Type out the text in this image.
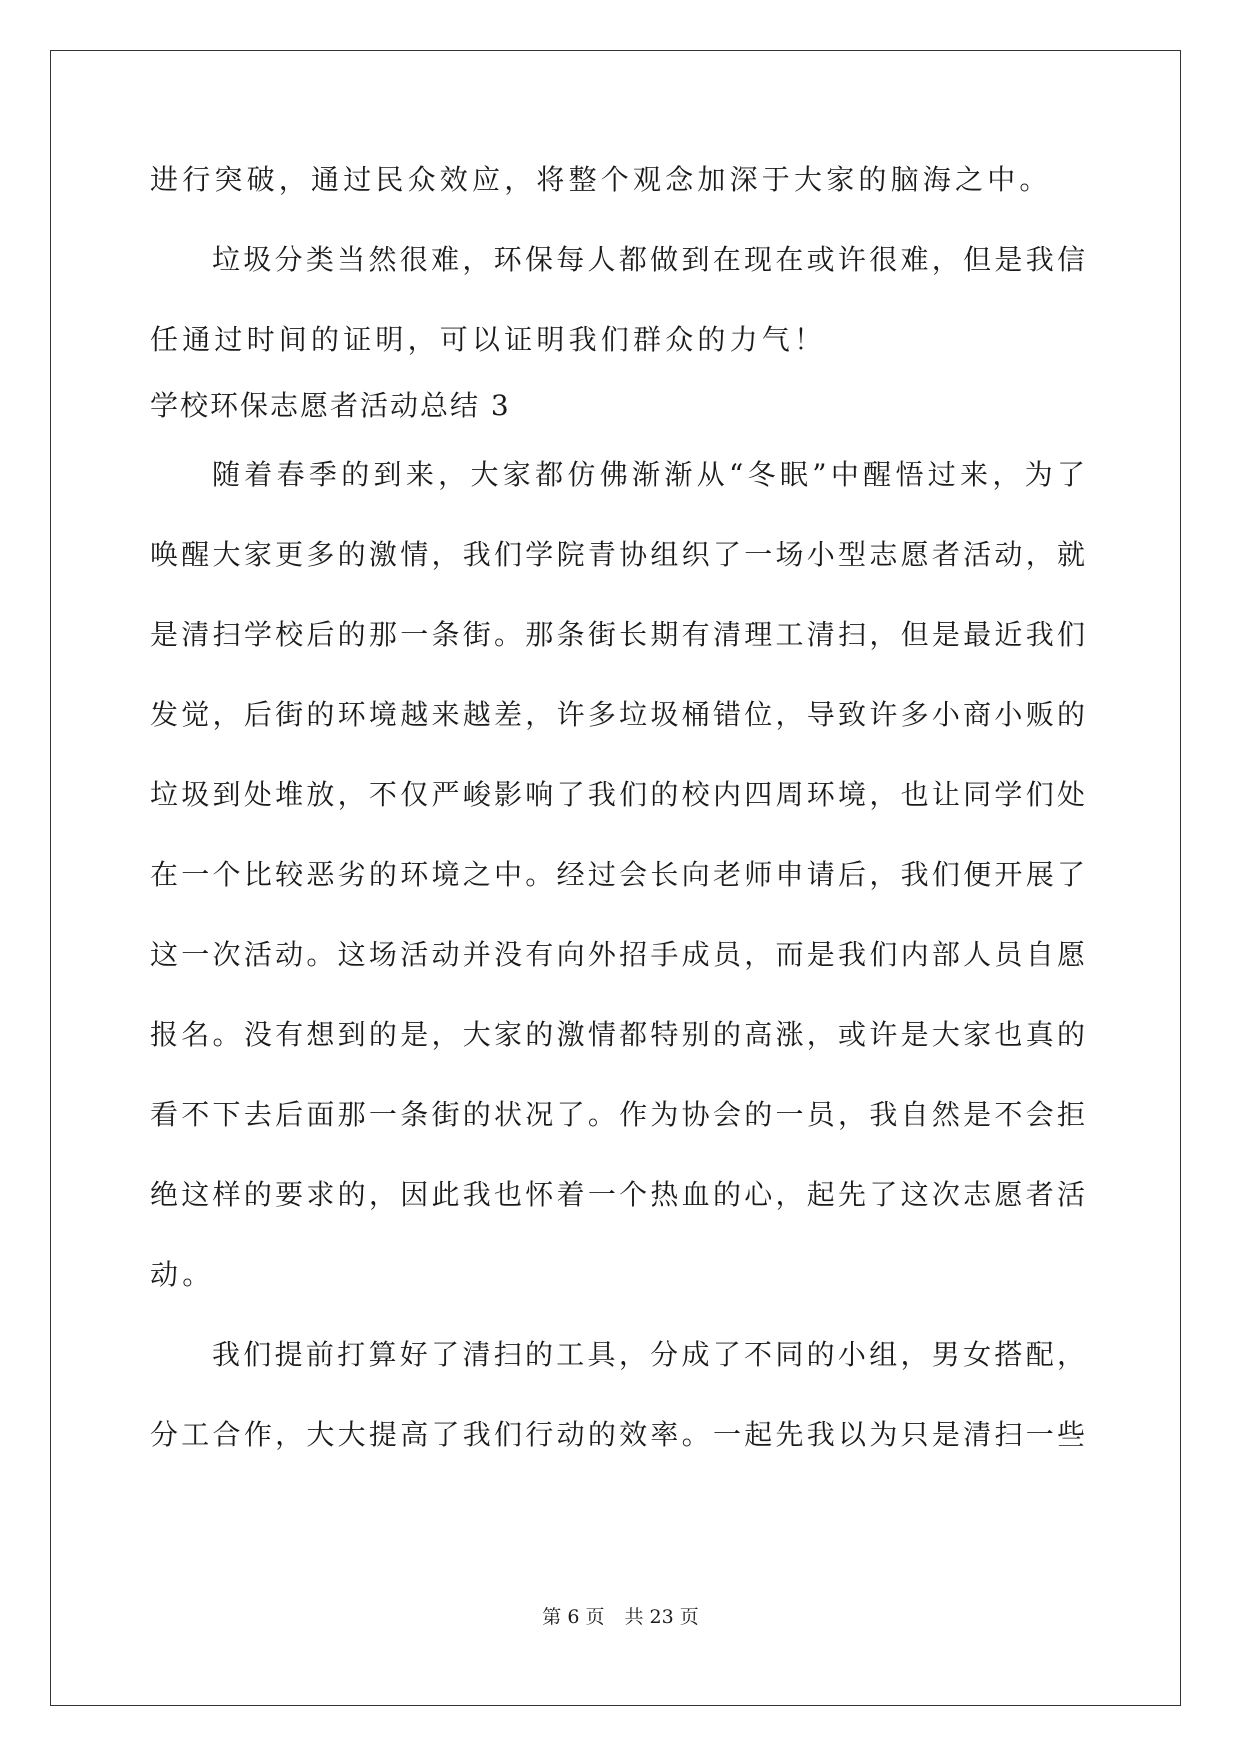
进行突破，通过民众效应，将整个观念加深于大家的脑海之中。
垃圾分类当然很难，环保每人都做到在现在或许很难，但是我信
任通过时间的证明，可以证明我们群众的力气！
学校环保志愿者活动总结 3
随着春季的到来，大家都仿佛渐渐从“冬眠”中醒悟过来，为了
唤醒大家更多的激情，我们学院青协组织了一场小型志愿者活动，就
是清扫学校后的那一条街。那条街长期有清理工清扫，但是最近我们
发觉，后街的环境越来越差，许多垃圾桶错位，导致许多小商小贩的
垃圾到处堆放，不仅严峻影响了我们的校内四周环境，也让同学们处
在一个比较恶劣的环境之中。经过会长向老师申请后，我们便开展了
这一次活动。这场活动并没有向外招手成员，而是我们内部人员自愿
报名。没有想到的是，大家的激情都特别的高涨，或许是大家也真的
看不下去后面那一条街的状况了。作为协会的一员，我自然是不会拒
绝这样的要求的，因此我也怀着一个热血的心，起先了这次志愿者活
动。
我们提前打算好了清扫的工具，分成了不同的小组，男女搭配，
分工合作，大大提高了我们行动的效率。一起先我以为只是清扫一些
第 6 页 共 23 页
